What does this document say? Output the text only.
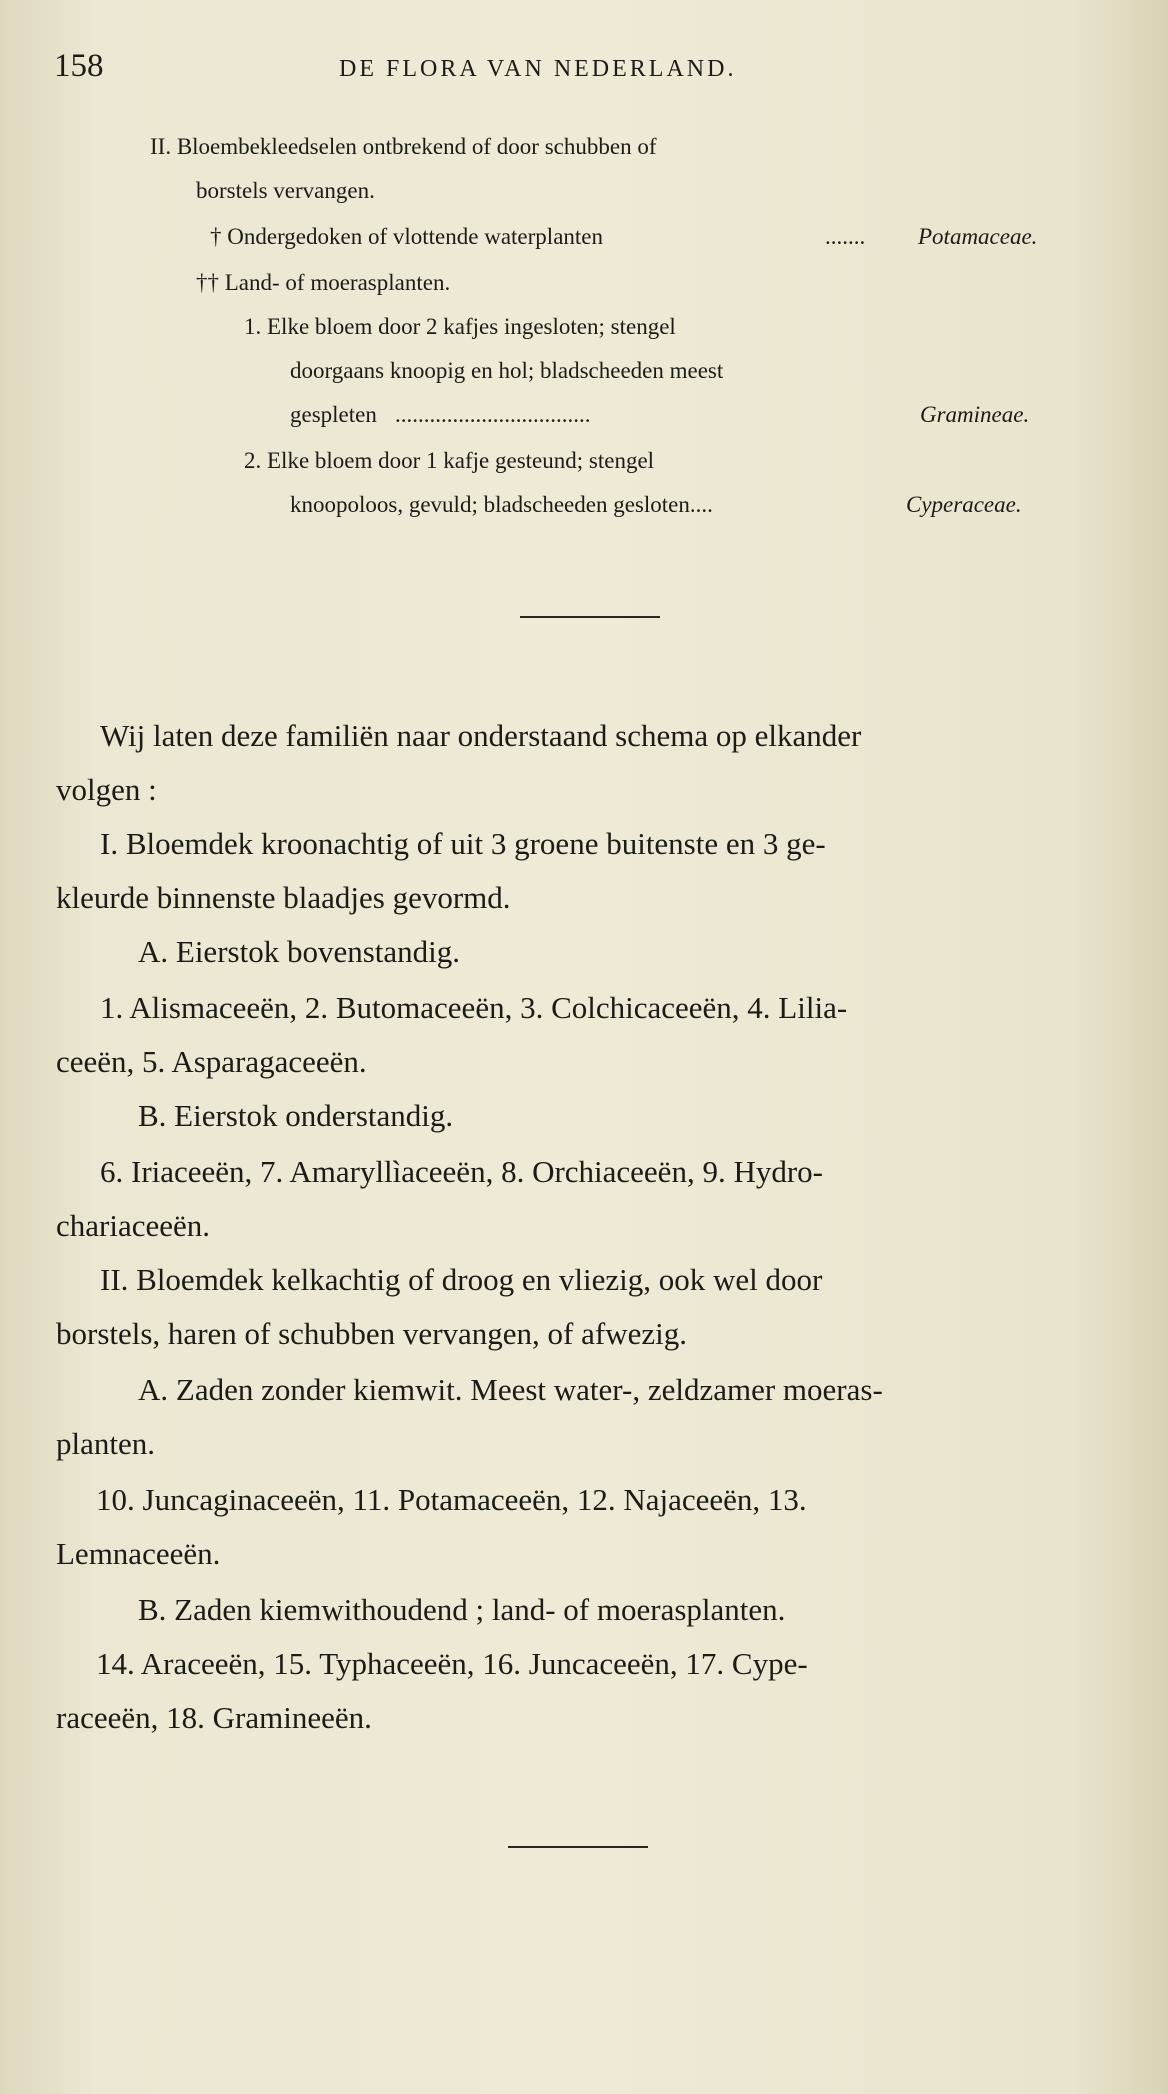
158	DE FLORA VAN NEDERLAND.
II. Bloembekleedselen ontbrekend of door schubben of
borstels vervangen.
† Ondergedoken of vlottende waterplanten	....... Potamaceae.
†† Land- of moerasplanten.
1. Elke bloem door 2 kafjes ingesloten; stengel
doorgaans knoopig en hol; bladscheeden meest
gespleten ..................................	Gramineae.
2. Elke bloem door 1 kafje gesteund; stengel
knoopoloos, gevuld; bladscheeden gesloten....	Cyperaceae.
Wij laten deze familiën naar onderstaand schema op elkander
volgen :
I. Bloemdek kroonachtig of uit 3 groene buitenste en 3 ge-
kleurde binnenste blaadjes gevormd.
A. Eierstok bovenstandig.
1. Alismaceeën, 2. Butomaceeën, 3. Colchicaceeën, 4. Lilia-
ceeën, 5. Asparagaceeën.
B. Eierstok onderstandig.
6. Iriaceeën, 7. Amaryllìaceeën, 8. Orchiaceeën, 9. Hydro-
chariaceeën.
II. Bloemdek kelkachtig of droog en vliezig, ook wel door
borstels, haren of schubben vervangen, of afwezig.
A. Zaden zonder kiemwit. Meest water-, zeldzamer moeras-
planten.
10. Juncaginaceeën, 11. Potamaceeën, 12. Najaceeën, 13.
Lemnaceeën.
B. Zaden kiemwithoudend ; land- of moerasplanten.
14. Araceeën, 15. Typhaceeën, 16. Juncaceeën, 17. Cype-
raceeën, 18. Gramineeën.
